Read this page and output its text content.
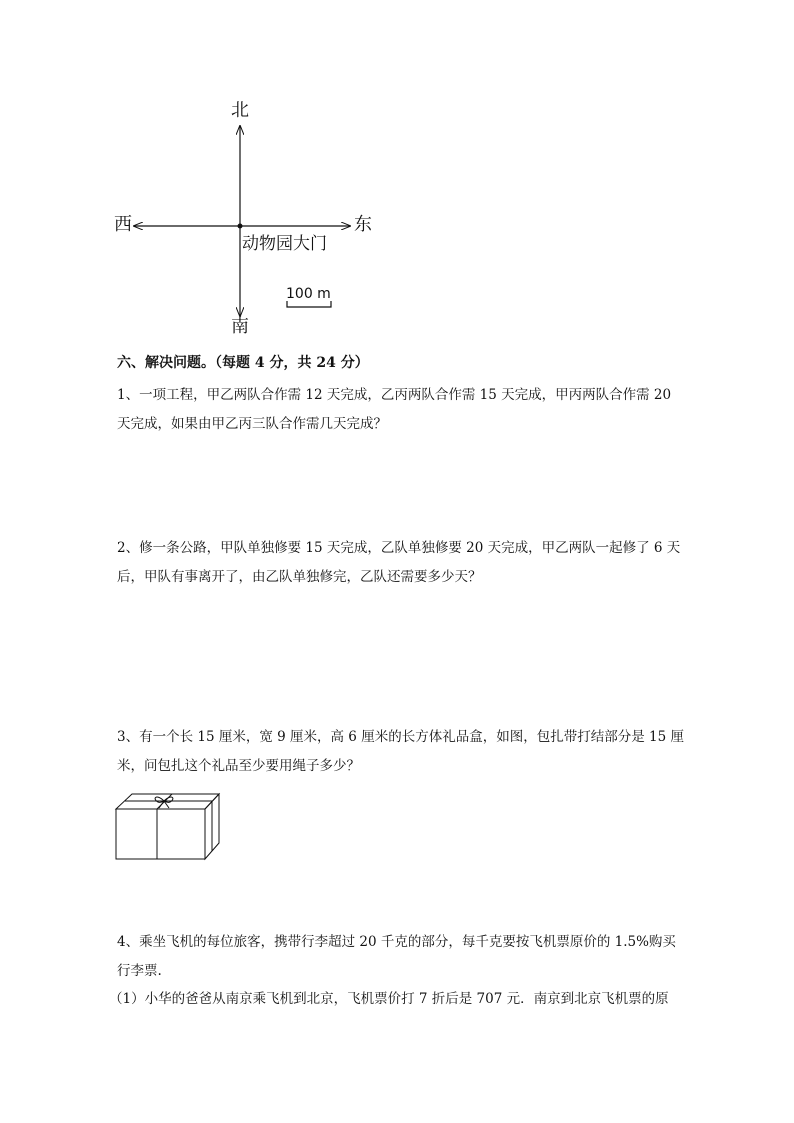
北
南
西	东
动物园大门
100 m
六、解决问题。（每题 4 分，共 24 分）

1、一项工程，甲乙两队合作需 12 天完成，乙丙两队合作需 15 天完成，甲丙两队合作需 20

天完成，如果由甲乙丙三队合作需几天完成？

2、修一条公路，甲队单独修要 15 天完成，乙队单独修要 20 天完成，甲乙两队一起修了 6 天

后，甲队有事离开了，由乙队单独修完，乙队还需要多少天？

3、有一个长 15 厘米，宽 9 厘米，高 6 厘米的长方体礼品盒，如图，包扎带打结部分是 15 厘

米，问包扎这个礼品至少要用绳子多少？

4、乘坐飞机的每位旅客，携带行李超过 20 千克的部分，每千克要按飞机票原价的 1.5%购买

行李票.

（1）小华的爸爸从南京乘飞机到北京，飞机票价打 7 折后是 707 元．南京到北京飞机票的原
